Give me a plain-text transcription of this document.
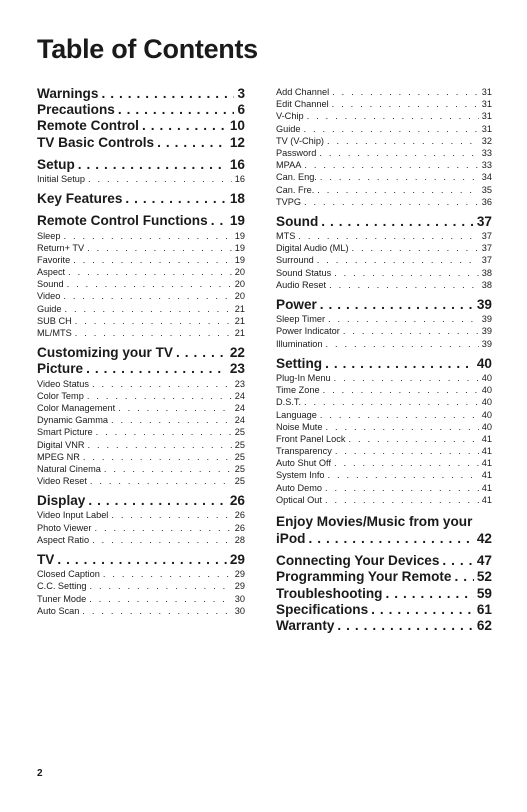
Table of Contents
Warnings . . .	3
Precautions . . .	6
Remote Control . . .	10
TV Basic Controls . . .	12
Setup . . .	16
Initial Setup . . .	16
Key Features . . .	18
Remote Control Functions . . . 19
Sleep . . .	19
Return+ TV . . .	19
Favorite . . .	19
Aspect . . .	20
Sound . . .	20
Video . . .	20
Guide . . .	21
SUB CH . . .	21
ML/MTS . . .	21
Customizing your TV . . .	22
Picture . . .	23
Video Status . . .	23
Color Temp . . .	24
Color Management . . .	24
Dynamic Gamma . . .	24
Smart Picture . . .	25
Digital VNR . . .	25
MPEG NR . . .	25
Natural Cinema . . .	25
Video Reset . . .	25
Display . . .	26
Video Input Label . . .	26
Photo Viewer . . .	26
Aspect Ratio . . .	28
TV . . .	29
Closed Caption . . .	29
C.C. Setting . . .	29
Tuner Mode . . .	30
Auto Scan . . .	30
Add Channel . . .	31
Edit Channel . . .	31
V-Chip . . .	31
Guide . . .	31
TV (V-Chip) . . .	32
Password . . .	33
MPAA . . .	33
Can. Eng. . . .	34
Can. Fre. . . .	35
TVPG . . .	36
Sound . . .	37
MTS . . .	37
Digital Audio (ML) . . .	37
Surround . . .	37
Sound Status . . .	38
Audio Reset . . .	38
Power . . .	39
Sleep Timer . . .	39
Power Indicator . . .	39
Illumination . . .	39
Setting . . .	40
Plug-In Menu . . .	40
Time Zone . . .	40
D.S.T. . . .	40
Language . . .	40
Noise Mute . . .	40
Front Panel Lock . . .	41
Transparency . . .	41
Auto Shut Off . . .	41
System Info . . .	41
Auto Demo . . .	41
Optical Out . . .	41
Enjoy Movies/Music from your
iPod . . .	42
Connecting Your Devices . . .	47
Programming Your Remote . . . 52
Troubleshooting . . .	59
Specifications . . .	61
Warranty . . .	62
2
